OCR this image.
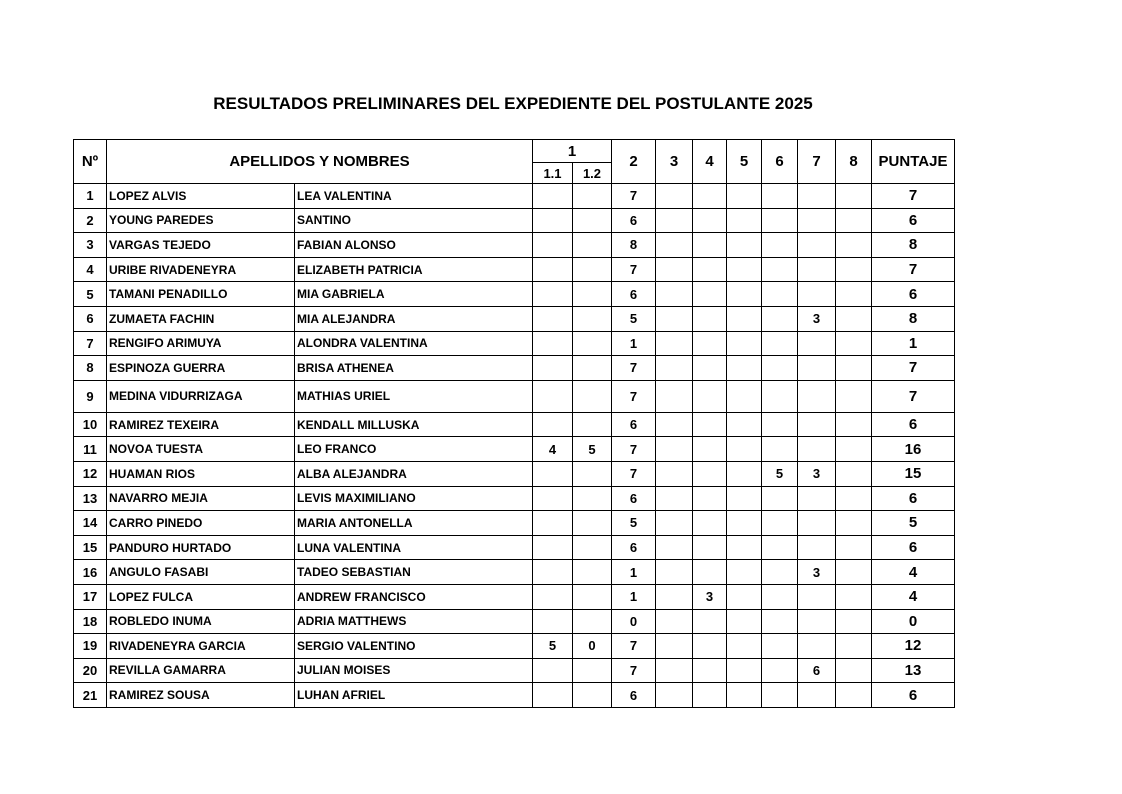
RESULTADOS PRELIMINARES DEL EXPEDIENTE DEL POSTULANTE 2025
Nº	APELLIDOS Y NOMBRES		1		2	3	4	5	6	7	8	PUNTAJE
			1.1	1.2								
1	LOPEZ ALVIS	LEA VALENTINA			7							7
2	YOUNG PAREDES	SANTINO			6							6
3	VARGAS TEJEDO	FABIAN ALONSO			8							8
4	URIBE RIVADENEYRA	ELIZABETH PATRICIA			7							7
5	TAMANI PENADILLO	MIA GABRIELA			6							6
6	ZUMAETA FACHIN	MIA ALEJANDRA			5					3		8
7	RENGIFO ARIMUYA	ALONDRA VALENTINA			1							1
8	ESPINOZA GUERRA	BRISA ATHENEA			7							7
9	MEDINA VIDURRIZAGA	MATHIAS URIEL			7							7
10	RAMIREZ TEXEIRA	KENDALL MILLUSKA			6							6
11	NOVOA TUESTA	LEO FRANCO	4	5	7							16
12	HUAMAN RIOS	ALBA ALEJANDRA			7				5	3		15
13	NAVARRO MEJIA	LEVIS MAXIMILIANO			6							6
14	CARRO PINEDO	MARIA ANTONELLA			5							5
15	PANDURO HURTADO	LUNA VALENTINA			6							6
16	ANGULO FASABI	TADEO SEBASTIAN			1					3		4
17	LOPEZ FULCA	ANDREW FRANCISCO			1		3					4
18	ROBLEDO INUMA	ADRIA MATTHEWS			0							0
19	RIVADENEYRA GARCIA	SERGIO VALENTINO	5	0	7							12
20	REVILLA GAMARRA	JULIAN MOISES			7					6		13
21	RAMIREZ SOUSA	LUHAN AFRIEL			6							6
